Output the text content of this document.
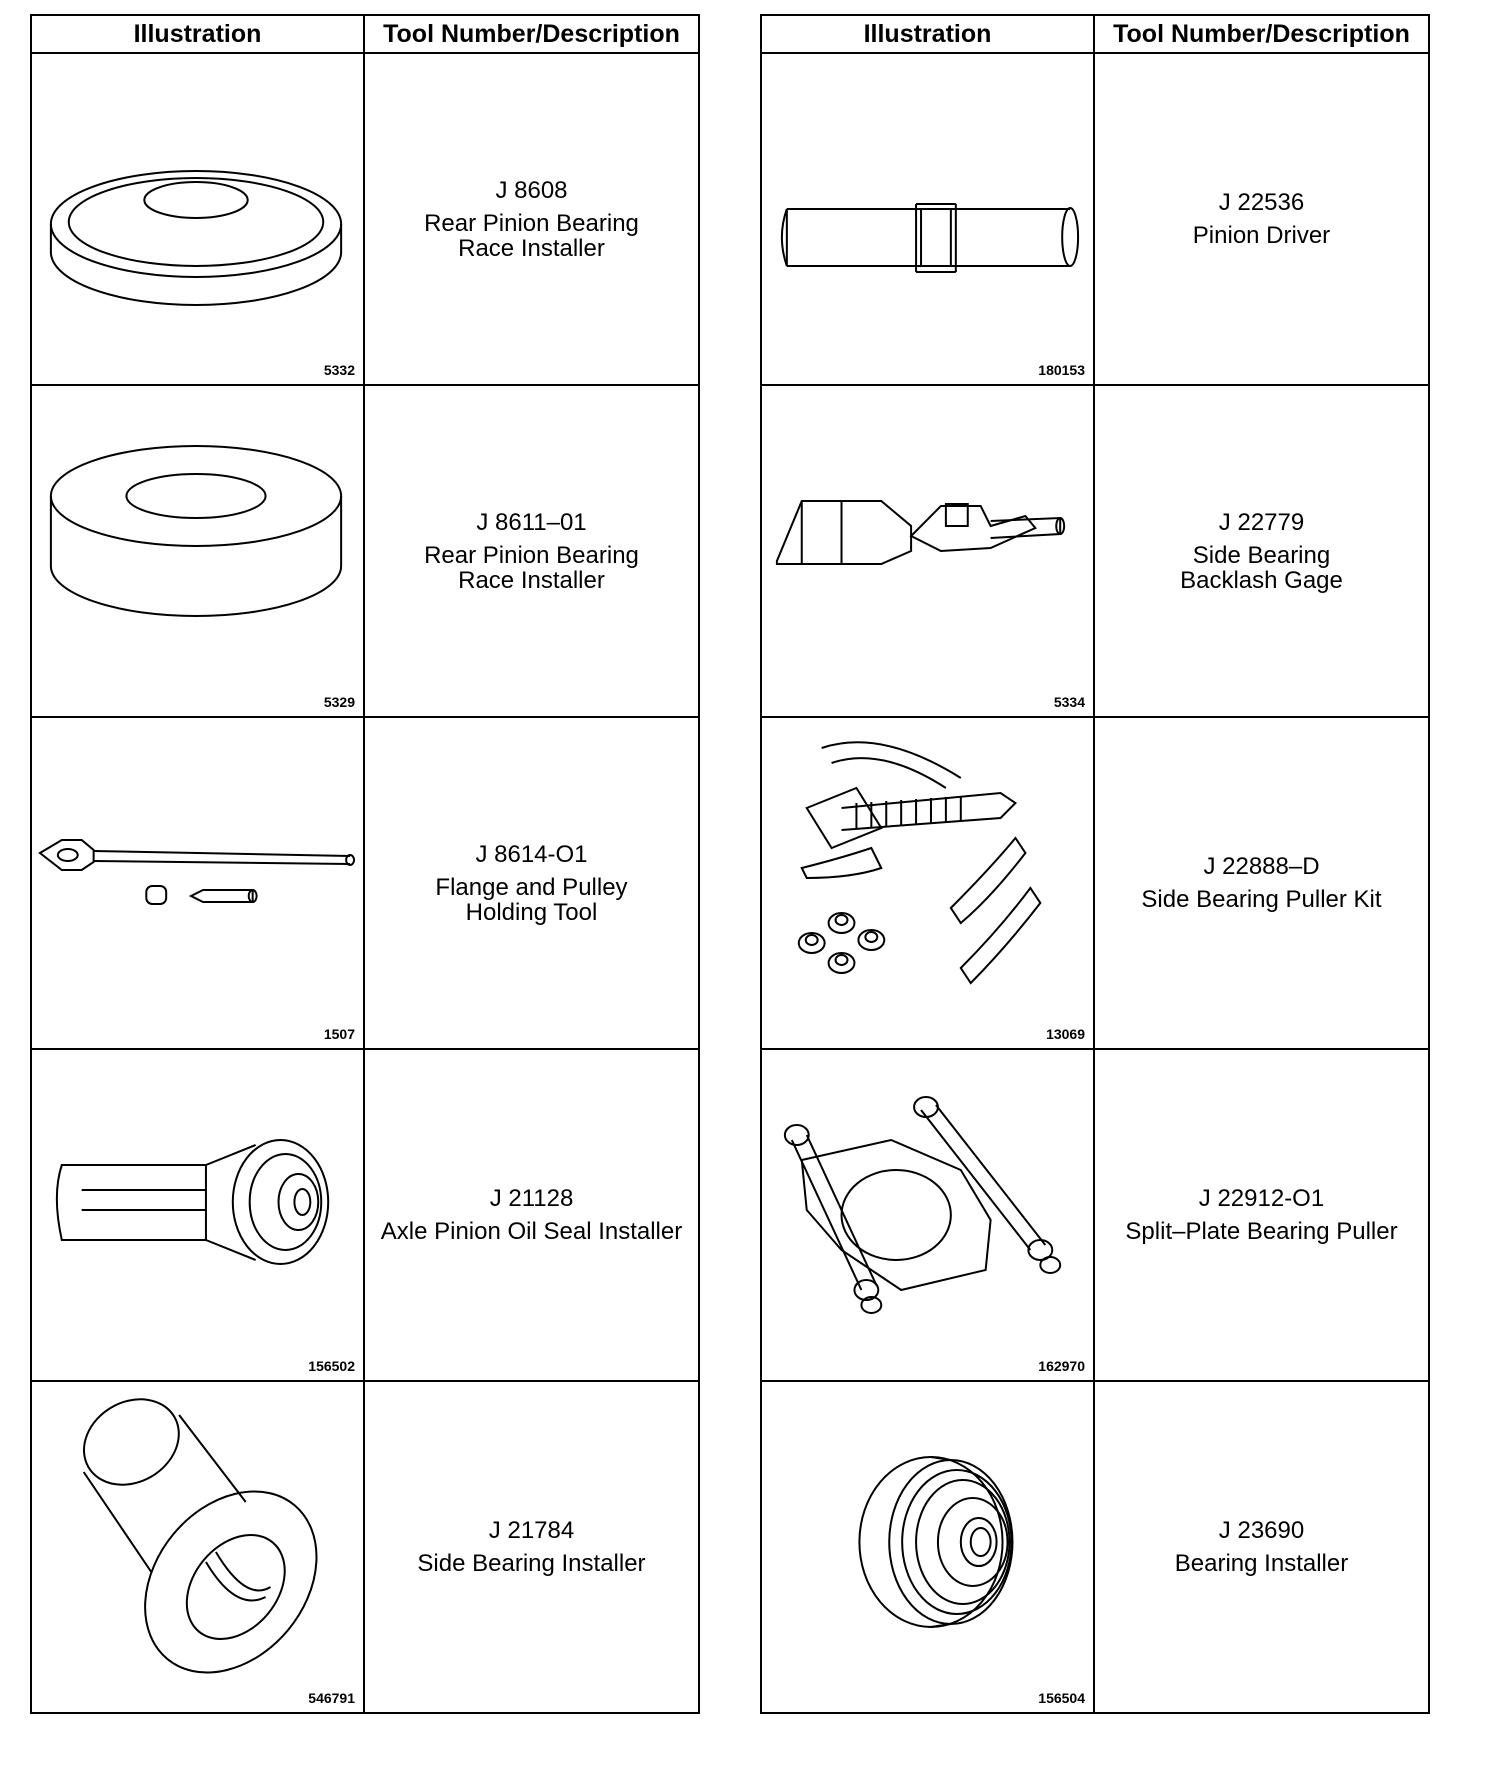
Illustration	Tool Number/Description

5332	J 8608
Rear Pinion Bearing
Race Installer

5329	J 8611–01
Rear Pinion Bearing
Race Installer

1507	J 8614-O1
Flange and Pulley
Holding Tool

156502	J 21128
Axle Pinion Oil Seal Installer

546791	J 21784
Side Bearing Installer
Illustration	Tool Number/Description

180153	J 22536
Pinion Driver

5334	J 22779
Side Bearing
Backlash Gage

13069	J 22888–D
Side Bearing Puller Kit

162970	J 22912-O1
Split–Plate Bearing Puller

156504	J 23690
Bearing Installer
